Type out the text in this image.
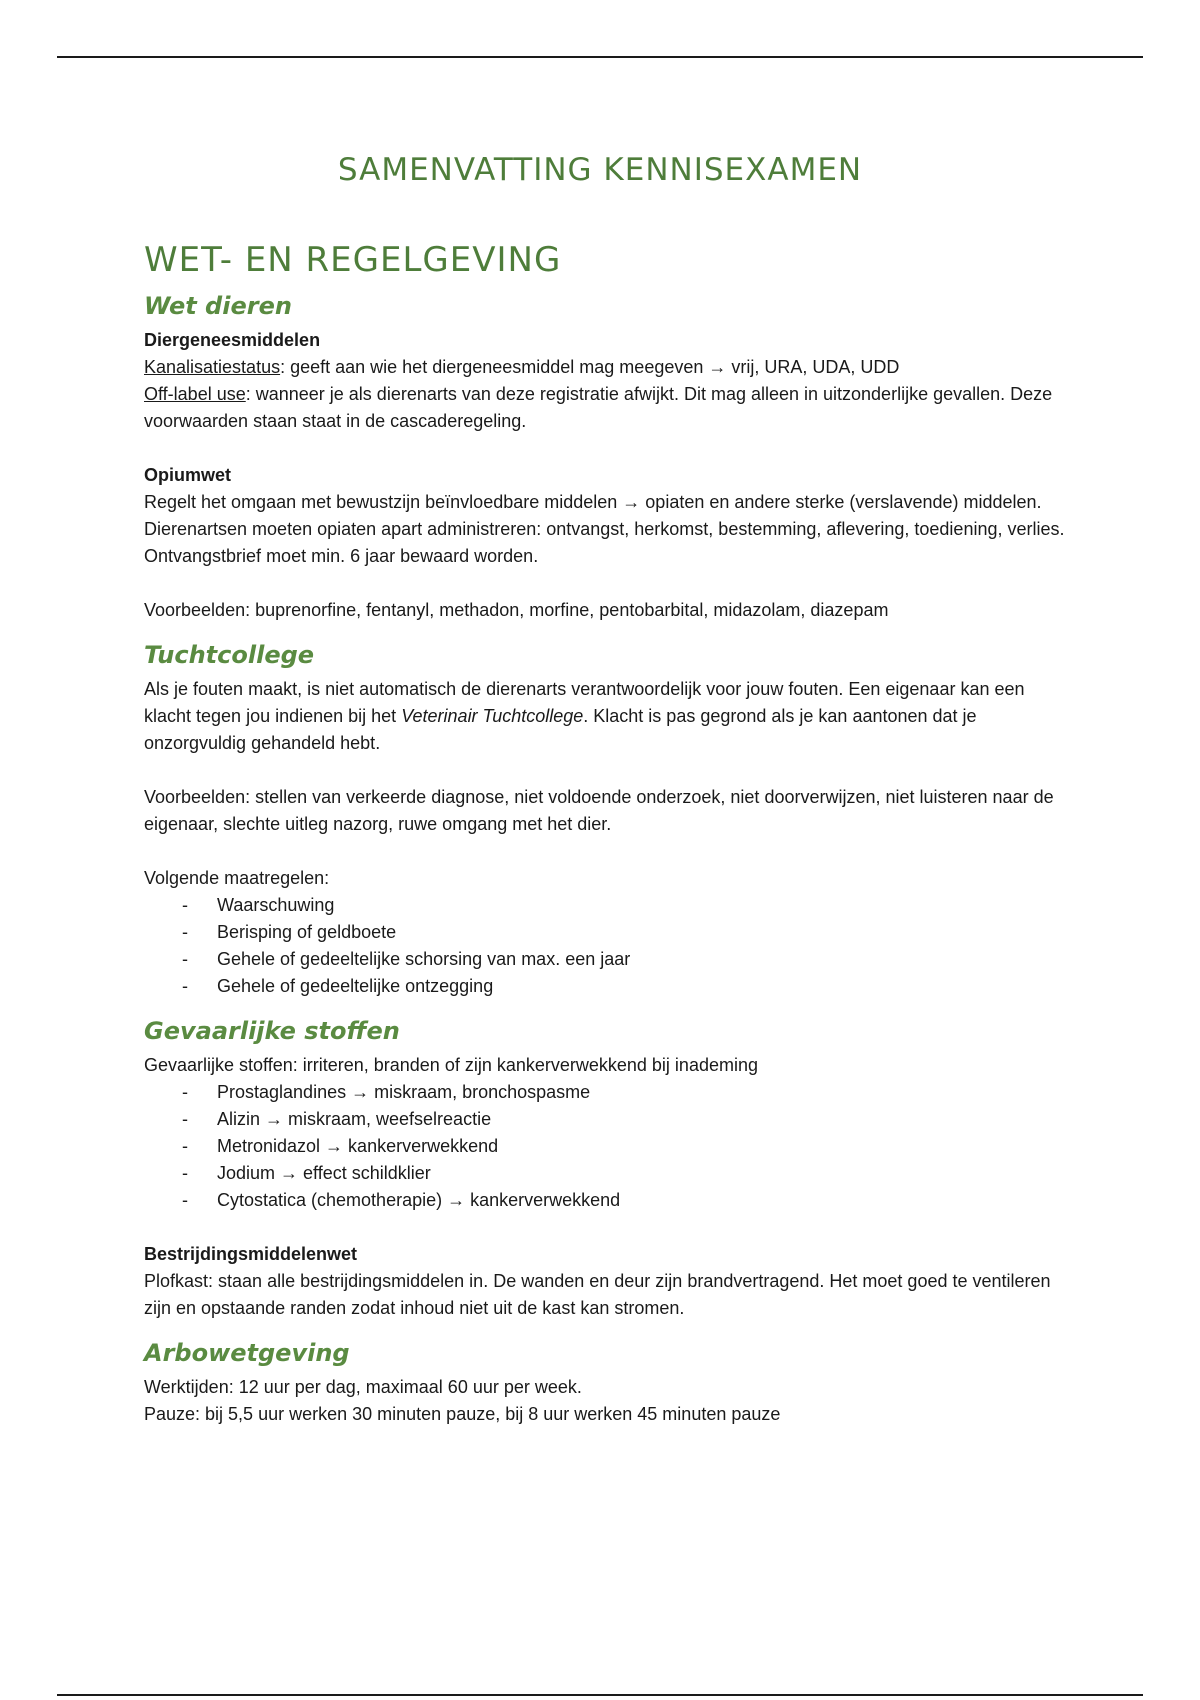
SAMENVATTING KENNISEXAMEN
WET- EN REGELGEVING
Wet dieren
Diergeneesmiddelen

Kanalisatiestatus: geeft aan wie het diergeneesmiddel mag meegeven → vrij, URA, UDA, UDD

Off-label use: wanneer je als dierenarts van deze registratie afwijkt. Dit mag alleen in uitzonderlijke gevallen. Deze voorwaarden staan staat in de cascaderegeling.

Opiumwet

Regelt het omgaan met bewustzijn beïnvloedbare middelen → opiaten en andere sterke (verslavende) middelen.

Dierenartsen moeten opiaten apart administreren: ontvangst, herkomst, bestemming, aflevering, toediening, verlies. Ontvangstbrief moet min. 6 jaar bewaard worden.

Voorbeelden: buprenorfine, fentanyl, methadon, morfine, pentobarbital, midazolam, diazepam

Tuchtcollege

Als je fouten maakt, is niet automatisch de dierenarts verantwoordelijk voor jouw fouten. Een eigenaar kan een klacht tegen jou indienen bij het Veterinair Tuchtcollege. Klacht is pas gegrond als je kan aantonen dat je onzorgvuldig gehandeld hebt.

Voorbeelden: stellen van verkeerde diagnose, niet voldoende onderzoek, niet doorverwijzen, niet luisteren naar de eigenaar, slechte uitleg nazorg, ruwe omgang met het dier.

Volgende maatregelen:

- Waarschuwing
- Berisping of geldboete
- Gehele of gedeeltelijke schorsing van max. een jaar
- Gehele of gedeeltelijke ontzegging
Gevaarlijke stoffen

Gevaarlijke stoffen: irriteren, branden of zijn kankerverwekkend bij inademing

- Prostaglandines → miskraam, bronchospasme
- Alizin → miskraam, weefselreactie
- Metronidazol → kankerverwekkend
- Jodium → effect schildklier
- Cytostatica (chemotherapie) → kankerverwekkend
Bestrijdingsmiddelenwet

Plofkast: staan alle bestrijdingsmiddelen in. De wanden en deur zijn brandvertragend. Het moet goed te ventileren zijn en opstaande randen zodat inhoud niet uit de kast kan stromen.

Arbowetgeving

Werktijden: 12 uur per dag, maximaal 60 uur per week.

Pauze: bij 5,5 uur werken 30 minuten pauze, bij 8 uur werken 45 minuten pauze
